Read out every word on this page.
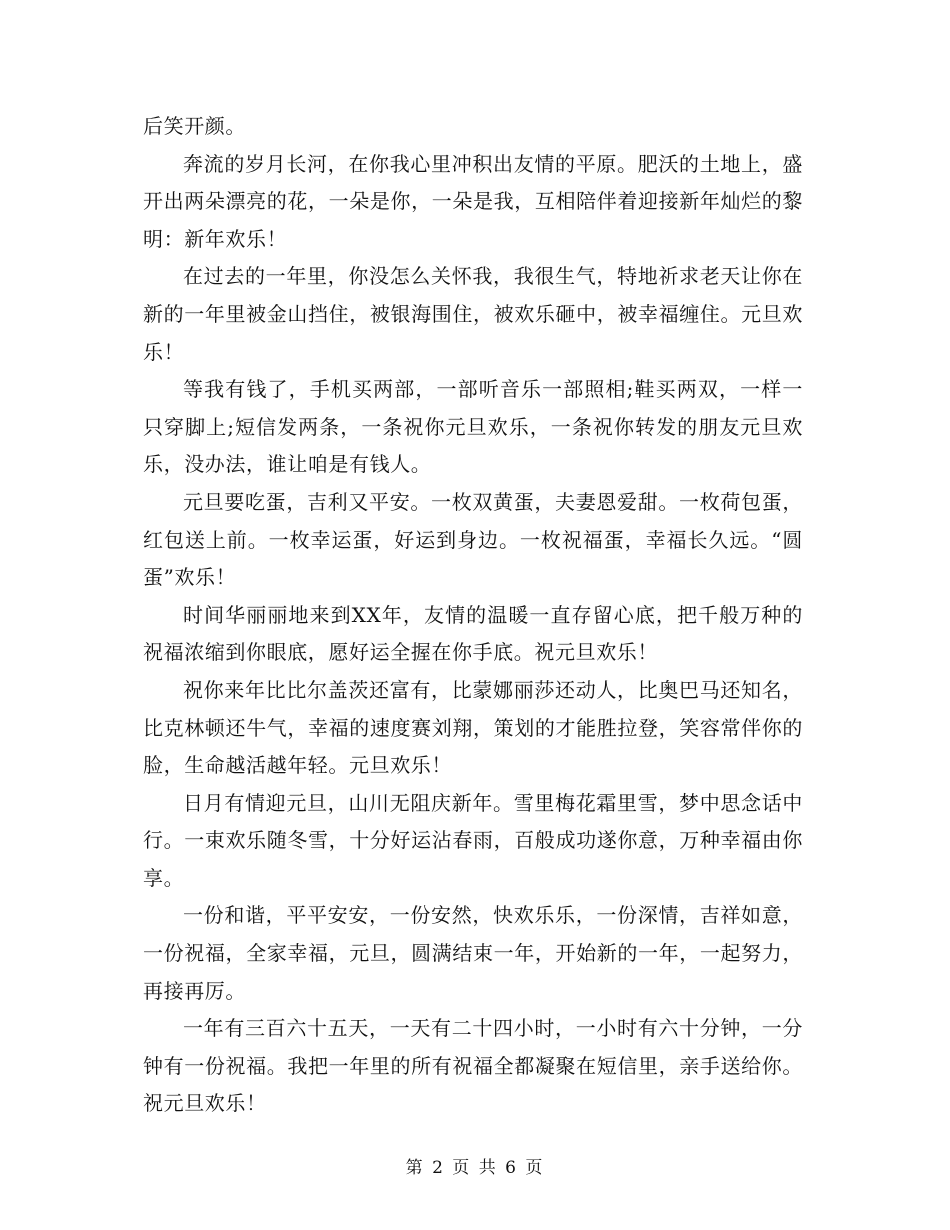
后笑开颜。

奔流的岁月长河，在你我心里冲积出友情的平原。肥沃的土地上，盛开出两朵漂亮的花，一朵是你，一朵是我，互相陪伴着迎接新年灿烂的黎明：新年欢乐！

在过去的一年里，你没怎么关怀我，我很生气，特地祈求老天让你在新的一年里被金山挡住，被银海围住，被欢乐砸中，被幸福缠住。元旦欢乐！

等我有钱了，手机买两部，一部听音乐一部照相;鞋买两双，一样一只穿脚上;短信发两条，一条祝你元旦欢乐，一条祝你转发的朋友元旦欢乐，没办法，谁让咱是有钱人。

元旦要吃蛋，吉利又平安。一枚双黄蛋，夫妻恩爱甜。一枚荷包蛋，红包送上前。一枚幸运蛋，好运到身边。一枚祝福蛋，幸福长久远。“圆蛋”欢乐！

时间华丽丽地来到XX年，友情的温暖一直存留心底，把千般万种的祝福浓缩到你眼底，愿好运全握在你手底。祝元旦欢乐！

祝你来年比比尔盖茨还富有，比蒙娜丽莎还动人，比奥巴马还知名，比克林顿还牛气，幸福的速度赛刘翔，策划的才能胜拉登，笑容常伴你的脸，生命越活越年轻。元旦欢乐！

日月有情迎元旦，山川无阻庆新年。雪里梅花霜里雪，梦中思念话中行。一束欢乐随冬雪，十分好运沾春雨，百般成功遂你意，万种幸福由你享。

一份和谐，平平安安，一份安然，快欢乐乐，一份深情，吉祥如意，一份祝福，全家幸福，元旦，圆满结束一年，开始新的一年，一起努力，再接再厉。

一年有三百六十五天，一天有二十四小时，一小时有六十分钟，一分钟有一份祝福。我把一年里的所有祝福全都凝聚在短信里，亲手送给你。祝元旦欢乐！

第 2 页 共 6 页
